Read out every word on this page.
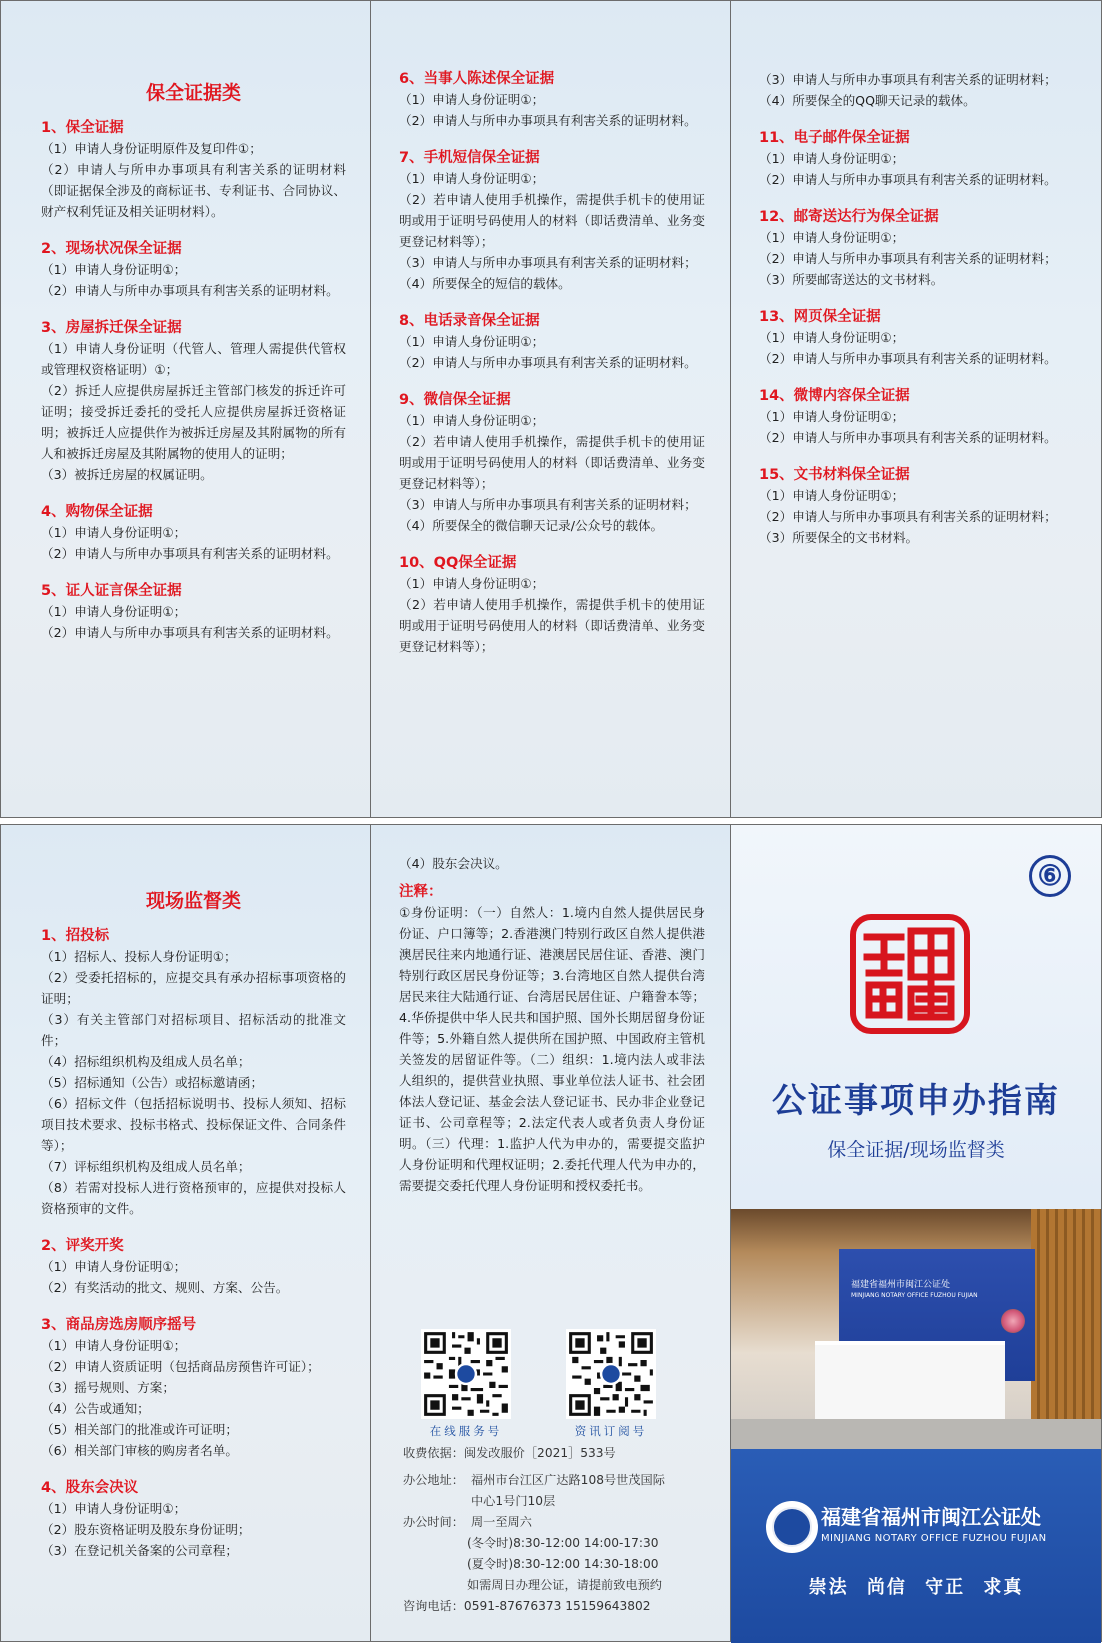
保全证据类
1、保全证据
（1）申请人身份证明原件及复印件①；
（2）申请人与所申办事项具有利害关系的证明材料（即证据保全涉及的商标证书、专利证书、合同协议、财产权利凭证及相关证明材料）。
2、现场状况保全证据
（1）申请人身份证明①；
（2）申请人与所申办事项具有利害关系的证明材料。
3、房屋拆迁保全证据
（1）申请人身份证明（代管人、管理人需提供代管权或管理权资格证明）①；
（2）拆迁人应提供房屋拆迁主管部门核发的拆迁许可证明；接受拆迁委托的受托人应提供房屋拆迁资格证明；被拆迁人应提供作为被拆迁房屋及其附属物的所有人和被拆迁房屋及其附属物的使用人的证明；
（3）被拆迁房屋的权属证明。
4、购物保全证据
（1）申请人身份证明①；
（2）申请人与所申办事项具有利害关系的证明材料。
5、证人证言保全证据
（1）申请人身份证明①；
（2）申请人与所申办事项具有利害关系的证明材料。
6、当事人陈述保全证据
（1）申请人身份证明①；
（2）申请人与所申办事项具有利害关系的证明材料。
7、手机短信保全证据
（1）申请人身份证明①；
（2）若申请人使用手机操作，需提供手机卡的使用证明或用于证明号码使用人的材料（即话费清单、业务变更登记材料等）；
（3）申请人与所申办事项具有利害关系的证明材料；
（4）所要保全的短信的载体。
8、电话录音保全证据
（1）申请人身份证明①；
（2）申请人与所申办事项具有利害关系的证明材料。
9、微信保全证据
（1）申请人身份证明①；
（2）若申请人使用手机操作，需提供手机卡的使用证明或用于证明号码使用人的材料（即话费清单、业务变更登记材料等）；
（3）申请人与所申办事项具有利害关系的证明材料；
（4）所要保全的微信聊天记录/公众号的载体。
10、QQ保全证据
（1）申请人身份证明①；
（2）若申请人使用手机操作，需提供手机卡的使用证明或用于证明号码使用人的材料（即话费清单、业务变更登记材料等）；
（3）申请人与所申办事项具有利害关系的证明材料；
（4）所要保全的QQ聊天记录的载体。
11、电子邮件保全证据
（1）申请人身份证明①；
（2）申请人与所申办事项具有利害关系的证明材料。
12、邮寄送达行为保全证据
（1）申请人身份证明①；
（2）申请人与所申办事项具有利害关系的证明材料；
（3）所要邮寄送达的文书材料。
13、网页保全证据
（1）申请人身份证明①；
（2）申请人与所申办事项具有利害关系的证明材料。
14、微博内容保全证据
（1）申请人身份证明①；
（2）申请人与所申办事项具有利害关系的证明材料。
15、文书材料保全证据
（1）申请人身份证明①；
（2）申请人与所申办事项具有利害关系的证明材料；
（3）所要保全的文书材料。
现场监督类
1、招投标
（1）招标人、投标人身份证明①；
（2）受委托招标的，应提交具有承办招标事项资格的证明；
（3）有关主管部门对招标项目、招标活动的批准文件；
（4）招标组织机构及组成人员名单；
（5）招标通知（公告）或招标邀请函；
（6）招标文件（包括招标说明书、投标人须知、招标项目技术要求、投标书格式、投标保证文件、合同条件等）；
（7）评标组织机构及组成人员名单；
（8）若需对投标人进行资格预审的，应提供对投标人资格预审的文件。
2、评奖开奖
（1）申请人身份证明①；
（2）有奖活动的批文、规则、方案、公告。
3、商品房选房顺序摇号
（1）申请人身份证明①；
（2）申请人资质证明（包括商品房预售许可证）；
（3）摇号规则、方案；
（4）公告或通知；
（5）相关部门的批准或许可证明；
（6）相关部门审核的购房者名单。
4、股东会决议
（1）申请人身份证明①；
（2）股东资格证明及股东身份证明；
（3）在登记机关备案的公司章程；
（4）股东会决议。
注释：
①身份证明：（一）自然人：1.境内自然人提供居民身份证、户口簿等；2.香港澳门特别行政区自然人提供港澳居民往来内地通行证、港澳居民居住证、香港、澳门特别行政区居民身份证等；3.台湾地区自然人提供台湾居民来往大陆通行证、台湾居民居住证、户籍誊本等；4.华侨提供中华人民共和国护照、国外长期居留身份证件等；5.外籍自然人提供所在国护照、中国政府主管机关签发的居留证件等。（二）组织：1.境内法人或非法人组织的，提供营业执照、事业单位法人证书、社会团体法人登记证、基金会法人登记证书、民办非企业登记证书、公司章程等；2.法定代表人或者负责人身份证明。（三）代理：1.监护人代为申办的，需要提交监护人身份证明和代理权证明；2.委托代理人代为申办的，需要提交委托代理人身份证明和授权委托书。
在线服务号	资讯订阅号
收费依据：闽发改服价［2021］533号
办公地址： 福州市台江区广达路108号世茂国际
中心1号门10层
办公时间： 周一至周六
(冬令时)8:30-12:00 14:00-17:30
(夏令时)8:30-12:00 14:30-18:00
如需周日办理公证，请提前致电预约
咨询电话：0591-87676373 15159643802
⑥
公证事项申办指南
保全证据/现场监督类
福建省福州市闽江公证处
MINJIANG NOTARY OFFICE FUZHOU FUJIAN
福建省福州市闽江公证处
MINJIANG NOTARY OFFICE FUZHOU FUJIAN
崇法 尚信 守正 求真
